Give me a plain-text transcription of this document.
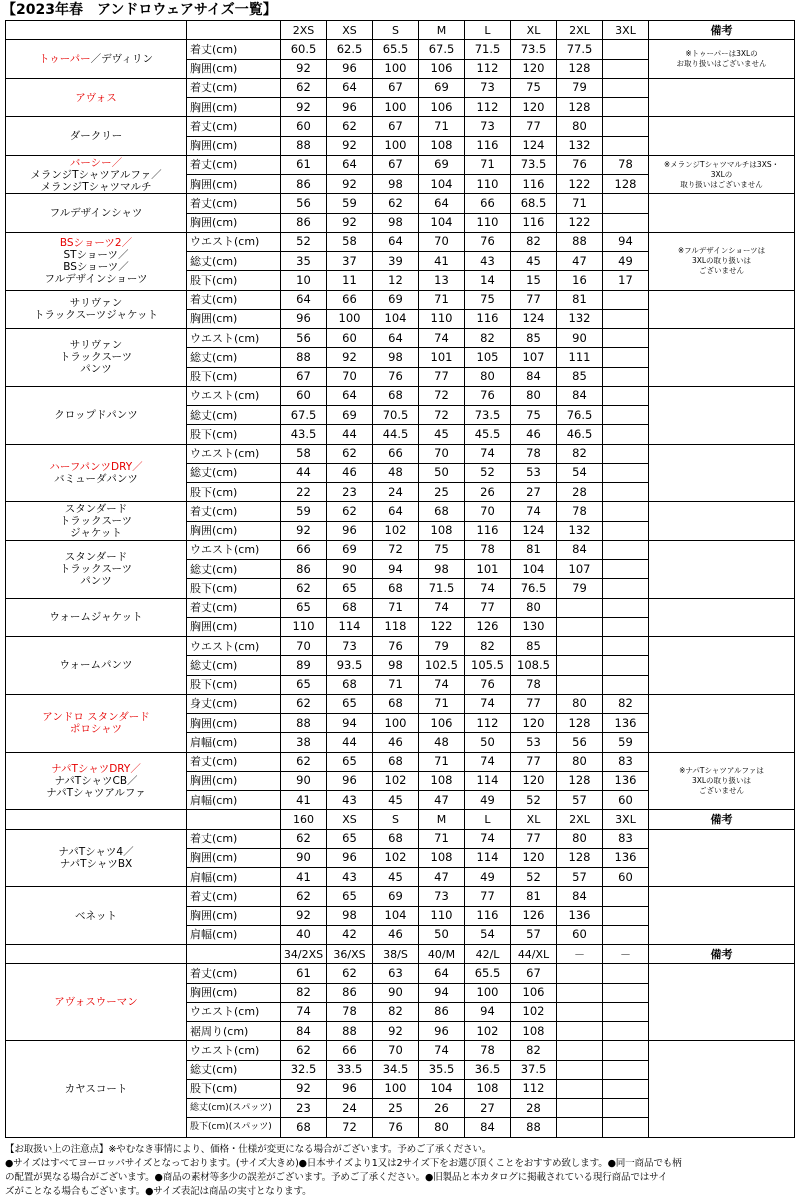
【2023年春　アンドロウェアサイズ一覧】
		2XS	XS	S	M	L	XL	2XL	3XL	備考
トゥーパー／デヴィリン	着丈(cm)	60.5	62.5	65.5	67.5	71.5	73.5	77.5		※トゥーパーは3XLの
お取り扱いはございません
	胸囲(cm)	92	96	100	106	112	120	128		
アヴォス	着丈(cm)	62	64	67	69	73	75	79		
	胸囲(cm)	92	96	100	106	112	120	128		
ダークリー	着丈(cm)	60	62	67	71	73	77	80		
	胸囲(cm)	88	92	100	108	116	124	132		
バーシー／
メランジTシャツアルファ／
メランジTシャツマルチ	着丈(cm)	61	64	67	69	71	73.5	76	78	※メランジTシャツマルチは3XS・
3XLの
取り扱いはございません
	胸囲(cm)	86	92	98	104	110	116	122	128	
フルデザインシャツ	着丈(cm)	56	59	62	64	66	68.5	71		
	胸囲(cm)	86	92	98	104	110	116	122		
BSショーツ2／
STショーツ／
BSショーツ／
フルデザインショーツ	ウエスト(cm)	52	58	64	70	76	82	88	94	※フルデザインショーツは
3XLの取り扱いは
ございません
	総丈(cm)	35	37	39	41	43	45	47	49	
	股下(cm)	10	11	12	13	14	15	16	17	
サリヴァン
トラックスーツジャケット	着丈(cm)	64	66	69	71	75	77	81		
	胸囲(cm)	96	100	104	110	116	124	132		
サリヴァン
トラックスーツ
パンツ	ウエスト(cm)	56	60	64	74	82	85	90		
	総丈(cm)	88	92	98	101	105	107	111		
	股下(cm)	67	70	76	77	80	84	85		
クロップドパンツ	ウエスト(cm)	60	64	68	72	76	80	84		
	総丈(cm)	67.5	69	70.5	72	73.5	75	76.5		
	股下(cm)	43.5	44	44.5	45	45.5	46	46.5		
ハーフパンツDRY／
バミューダパンツ	ウエスト(cm)	58	62	66	70	74	78	82		
	総丈(cm)	44	46	48	50	52	53	54		
	股下(cm)	22	23	24	25	26	27	28		
スタンダード
トラックスーツ
ジャケット	着丈(cm)	59	62	64	68	70	74	78		
	胸囲(cm)	92	96	102	108	116	124	132		
スタンダード
トラックスーツ
パンツ	ウエスト(cm)	66	69	72	75	78	81	84		
	総丈(cm)	86	90	94	98	101	104	107		
	股下(cm)	62	65	68	71.5	74	76.5	79		
ウォームジャケット	着丈(cm)	65	68	71	74	77	80			
	胸囲(cm)	110	114	118	122	126	130			
ウォームパンツ	ウエスト(cm)	70	73	76	79	82	85			
	総丈(cm)	89	93.5	98	102.5	105.5	108.5			
	股下(cm)	65	68	71	74	76	78			
アンドロ スタンダード
ポロシャツ	身丈(cm)	62	65	68	71	74	77	80	82	
	胸囲(cm)	88	94	100	106	112	120	128	136	
	肩幅(cm)	38	44	46	48	50	53	56	59	
ナパTシャツDRY／
ナパTシャツCB／
ナパTシャツアルファ	着丈(cm)	62	65	68	71	74	77	80	83	※ナパTシャツアルファは
3XLの取り扱いは
ございません
	胸囲(cm)	90	96	102	108	114	120	128	136	
	肩幅(cm)	41	43	45	47	49	52	57	60	
		160	XS	S	M	L	XL	2XL	3XL	備考
ナパTシャツ4／
ナパTシャツBX	着丈(cm)	62	65	68	71	74	77	80	83	
	胸囲(cm)	90	96	102	108	114	120	128	136	
	肩幅(cm)	41	43	45	47	49	52	57	60	
ベネット	着丈(cm)	62	65	69	73	77	81	84		
	胸囲(cm)	92	98	104	110	116	126	136		
	肩幅(cm)	40	42	46	50	54	57	60		
		34/2XS	36/XS	38/S	40/M	42/L	44/XL	－	－	備考
アヴォスウーマン	着丈(cm)	61	62	63	64	65.5	67			
	胸囲(cm)	82	86	90	94	100	106			
	ウエスト(cm)	74	78	82	86	94	102			
	裾周り(cm)	84	88	92	96	102	108			
カヤスコート	ウエスト(cm)	62	66	70	74	78	82			
	総丈(cm)	32.5	33.5	34.5	35.5	36.5	37.5			
	股下(cm)	92	96	100	104	108	112			
	総丈(cm)(スパッツ)	23	24	25	26	27	28			
	股下(cm)(スパッツ)	68	72	76	80	84	88			

【お取扱い上の注意点】※やむなき事情により、価格・仕様が変更になる場合がございます。予めご了承ください。

●サイズはすべてヨーロッパサイズとなっております。(サイズ大きめ)●日本サイズより1又は2サイズ下をお選び頂くことをおすすめ致します。●同一商品でも柄

の配置が異なる場合がございます。●商品の素材等多少の誤差がございます。予めご了承ください。●旧製品と本カタログに掲載されている現行商品ではサイ

ズがことなる場合もございます。●サイズ表記は商品の実寸となります。
